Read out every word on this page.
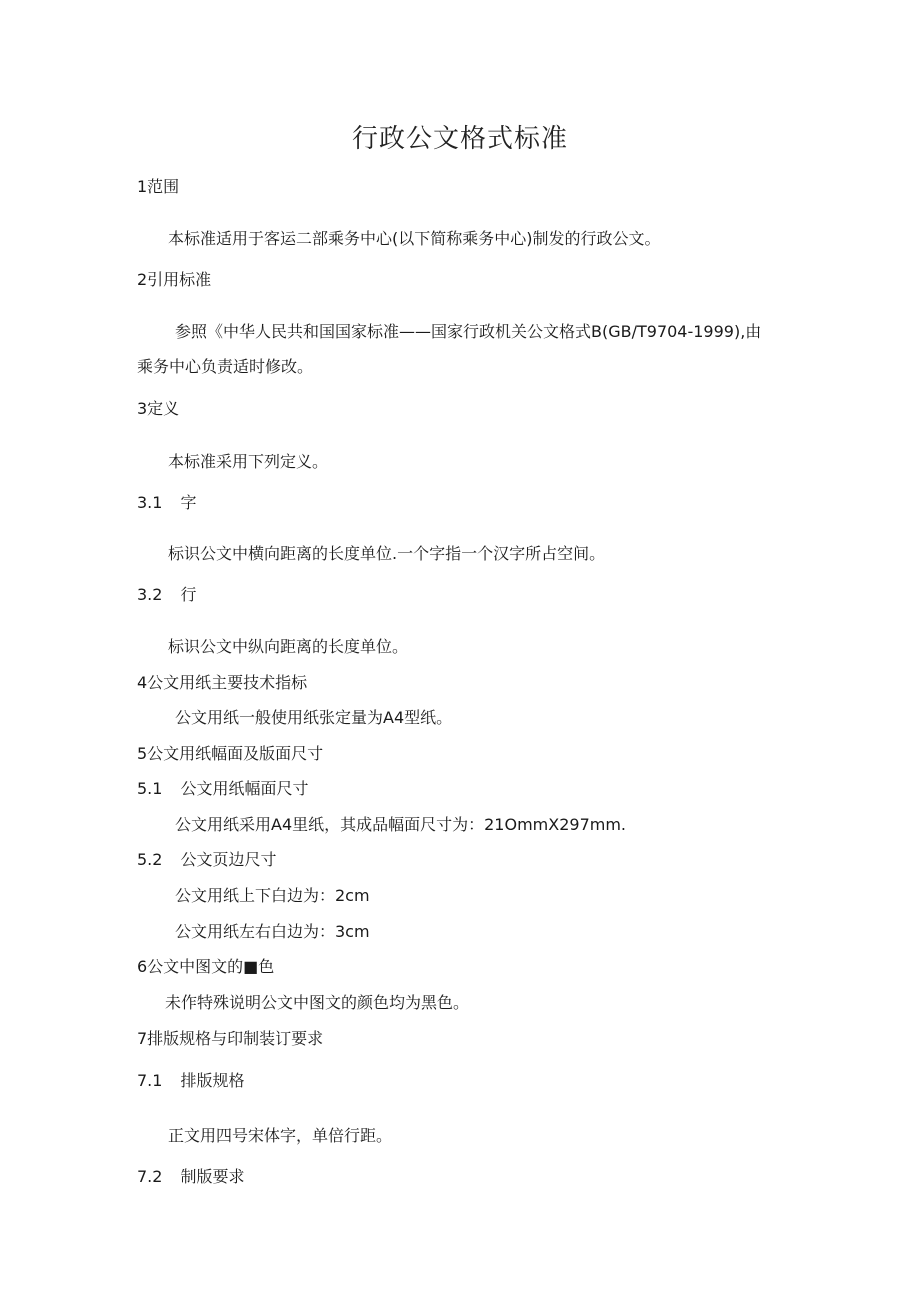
行政公文格式标准

1范围

本标准适用于客运二部乘务中心(以下简称乘务中心)制发的行政公文。

2引用标准

参照《中华人民共和国国家标准——国家行政机关公文格式B(GB/T9704-1999),由

乘务中心负责适时修改。

3定义

本标准采用下列定义。

3.1 字

标识公文中横向距离的长度单位.一个字指一个汉字所占空间。

3.2 行

标识公文中纵向距离的长度单位。

4公文用纸主要技术指标

公文用纸一般使用纸张定量为A4型纸。

5公文用纸幅面及版面尺寸

5.1 公文用纸幅面尺寸

公文用纸采用A4里纸，其成品幅面尺寸为：21OmmX297mm.

5.2 公文页边尺寸

公文用纸上下白边为：2cm

公文用纸左右白边为：3cm

6公文中图文的■色

未作特殊说明公文中图文的颜色均为黑色。

7排版规格与印制装订要求

7.1 排版规格

正文用四号宋体字，单倍行距。

7.2 制版要求
